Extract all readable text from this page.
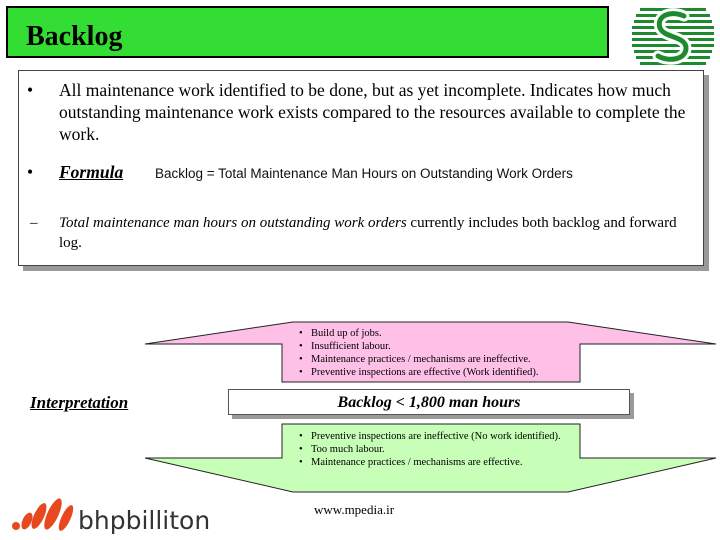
Backlog
• All maintenance work identified to be done, but as yet incomplete. Indicates how much outstanding maintenance work exists compared to the resources available to complete the work.
• Formula Backlog = Total Maintenance Man Hours on Outstanding Work Orders
– Total maintenance man hours on outstanding work orders currently includes both backlog and forward log.
• Build up of jobs.
• Insufficient labour.
• Maintenance practices / mechanisms are ineffective.
• Preventive inspections are effective (Work identified).
Interpretation	Backlog < 1,800 man hours
• Preventive inspections are ineffective (No work identified).
• Too much labour.
• Maintenance practices / mechanisms are effective.
bhpbilliton	www.mpedia.ir
